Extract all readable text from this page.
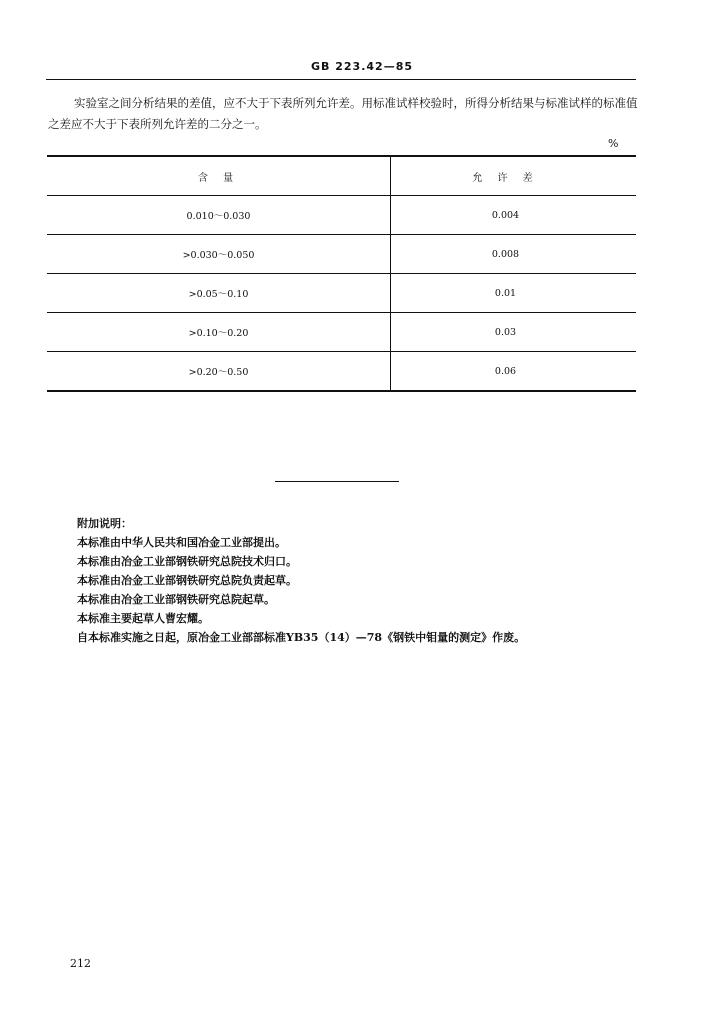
GB 223.42—85
实验室之间分析结果的差值，应不大于下表所列允许差。用标准试样校验时，所得分析结果与标准试样的标准值之差应不大于下表所列允许差的二分之一。
%
含 量	允 许 差
0.010～0.030	0.004
>0.030～0.050	0.008
>0.05～0.10	0.01
>0.10～0.20	0.03
>0.20～0.50	0.06
附加说明：
本标准由中华人民共和国冶金工业部提出。
本标准由冶金工业部钢铁研究总院技术归口。
本标准由冶金工业部钢铁研究总院负责起草。
本标准由冶金工业部钢铁研究总院起草。
本标准主要起草人曹宏耀。
自本标准实施之日起，原冶金工业部部标准YB35（14）—78《钢铁中钼量的测定》作废。
212
